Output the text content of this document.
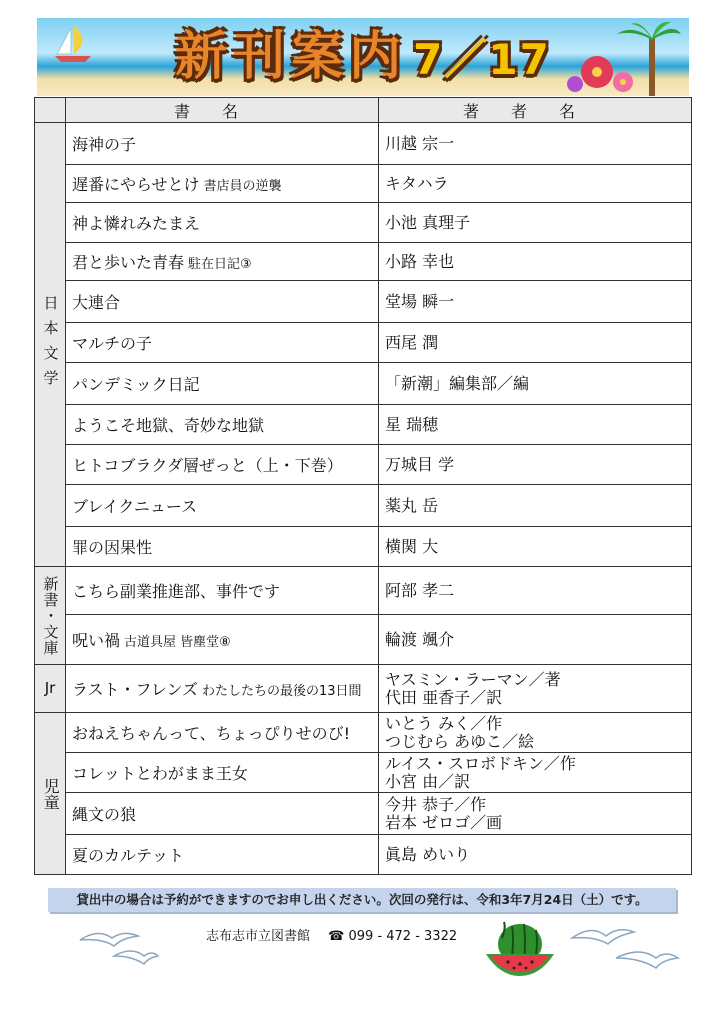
新刊案内 7／17
	書名	著者名

日本文学	海神の子	川越 宗一
	遅番にやらせとけ 書店員の逆襲	キタハラ
	神よ憐れみたまえ	小池 真理子
	君と歩いた青春 駐在日記③	小路 幸也
	大連合	堂場 瞬一
	マルチの子	西尾 潤
	パンデミック日記	「新潮」編集部／編
	ようこそ地獄、奇妙な地獄	星 瑞穂
	ヒトコブラクダ層ぜっと（上・下巻）	万城目 学
	ブレイクニュース	薬丸 岳
	罪の因果性	横関 大

新書・文庫	こちら副業推進部、事件です	阿部 孝二
	呪い禍 古道具屋 皆塵堂⑧	輪渡 颯介
Jr	ラスト・フレンズ わたしたちの最後の13日間	ヤスミン・ラーマン／著
代田 亜香子／訳

児童	おねえちゃんって、ちょっぴりせのび!	いとう みく／作
つじむら あゆこ／絵

	コレットとわがまま王女	ルイス・スロボドキン／作
小宮 由／訳

	縄文の狼	今井 恭子／作
岩本 ゼロゴ／画

	夏のカルテット	眞島 めいり
貸出中の場合は予約ができますのでお申し出ください。次回の発行は、令和3年7月24日（土）です。
志布志市立図書館 ☎ 099 - 472 - 3322
